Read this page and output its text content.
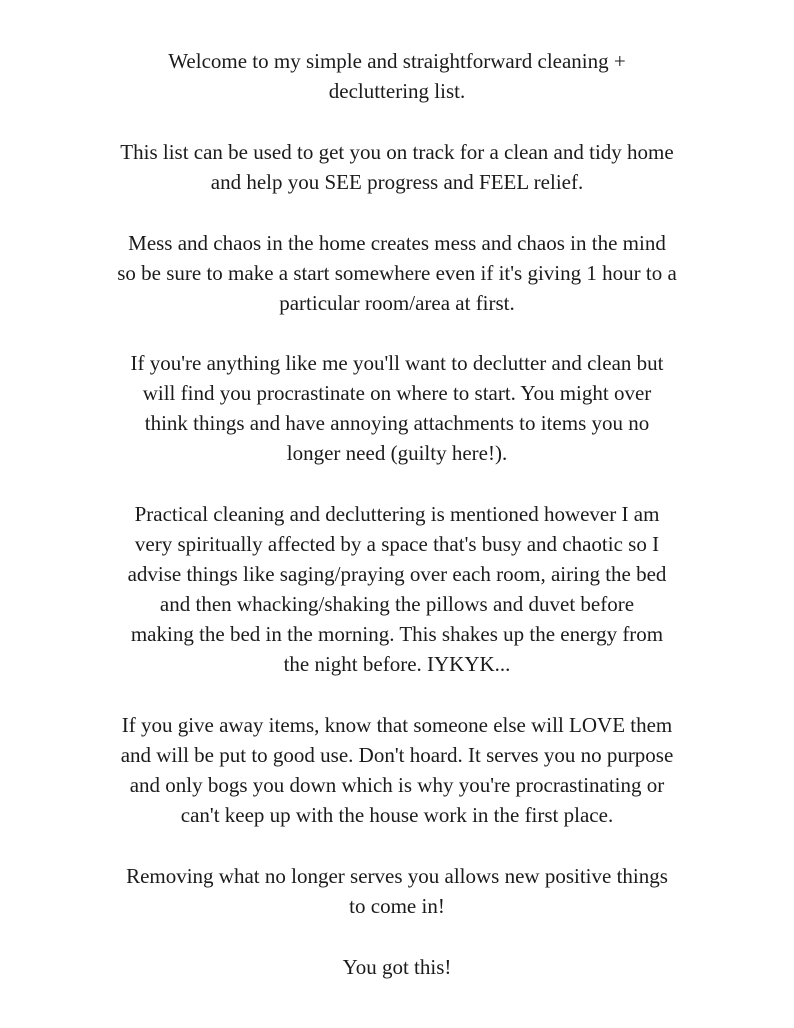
Welcome to my simple and straightforward cleaning +
decluttering list.

This list can be used to get you on track for a clean and tidy home
and help you SEE progress and FEEL relief.

Mess and chaos in the home creates mess and chaos in the mind
so be sure to make a start somewhere even if it's giving 1 hour to a
particular room/area at first.

If you're anything like me you'll want to declutter and clean but
will find you procrastinate on where to start. You might over
think things and have annoying attachments to items you no
longer need (guilty here!).

Practical cleaning and decluttering is mentioned however I am
very spiritually affected by a space that's busy and chaotic so I
advise things like saging/praying over each room, airing the bed
and then whacking/shaking the pillows and duvet before
making the bed in the morning. This shakes up the energy from
the night before. IYKYK...

If you give away items, know that someone else will LOVE them
and will be put to good use. Don't hoard. It serves you no purpose
and only bogs you down which is why you're procrastinating or
can't keep up with the house work in the first place.

Removing what no longer serves you allows new positive things
to come in!

You got this!
